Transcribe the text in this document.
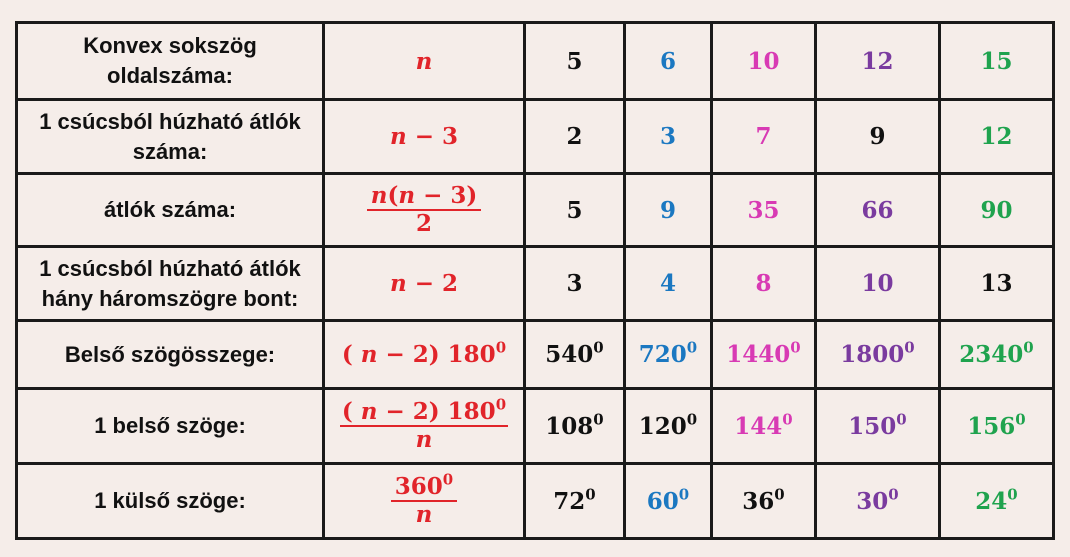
Konvex sokszög
oldalszáma:	n	5	6	10	12	15

1 csúcsból húzható átlók
száma:	n − 3	2	3	7	9	12

átlók száma:	$\frac{n(n - 3)}{2}$	5	9	35	66	90

1 csúcsból húzható átlók
hány háromszögre bont:	n − 2	3	4	8	10	13

Belső szögösszege:	( n − 2) $180^0$	$540^0$	$720^0$	1440$^0$	1800$^0$	2340$^0$

1 belső szöge:	$\frac{( n - 2) 180^0}{n}$	$108^0$	$120^0$	$144^0$	$150^0$	$156^0$

1 külső szöge:	$\frac{360^0}{n}$	$72^0$	$60^0$	$36^0$	$30^0$	$24^0$
